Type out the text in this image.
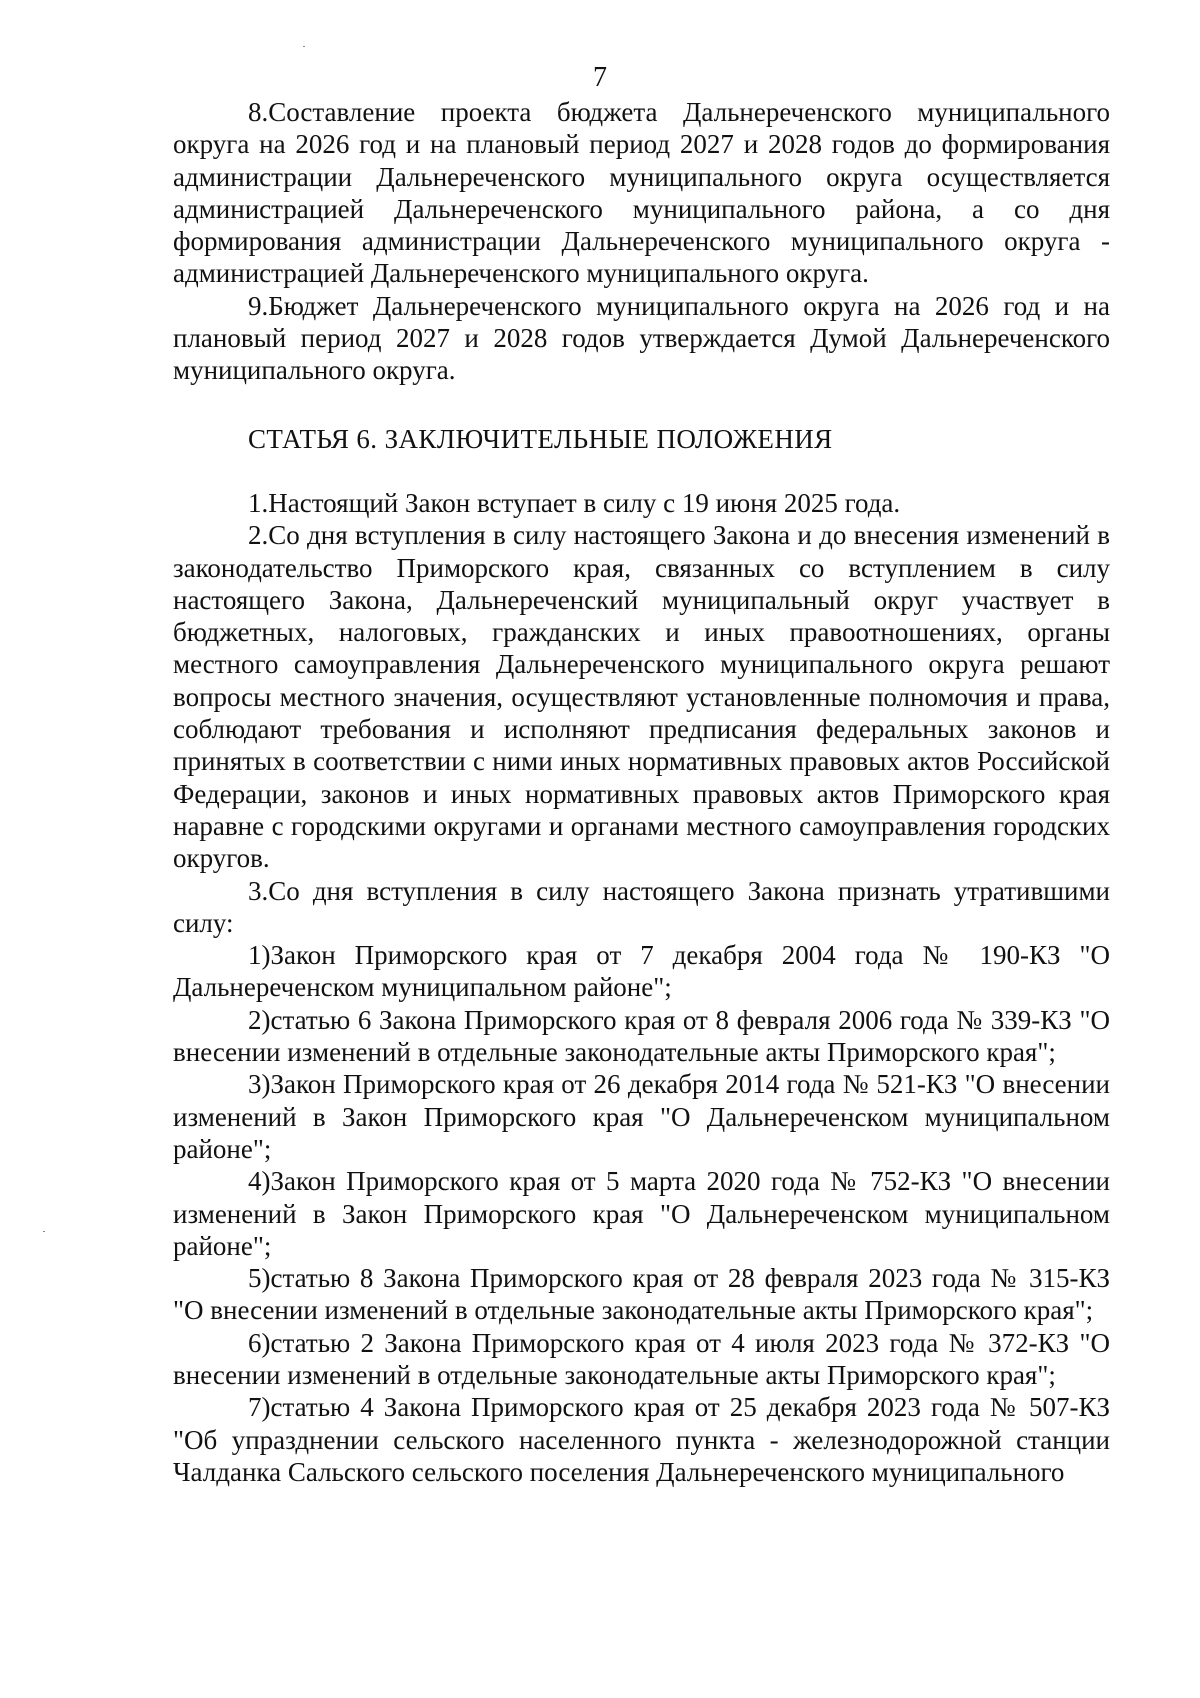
7

8.Составление проекта бюджета Дальнереченского муниципального округа на 2026 год и на плановый период 2027 и 2028 годов до формирования администрации Дальнереченского муниципального округа осуществляется администрацией Дальнереченского муниципального района, а со дня формирования администрации Дальнереченского муниципального округа - администрацией Дальнереченского муниципального округа.

9.Бюджет Дальнереченского муниципального округа на 2026 год и на плановый период 2027 и 2028 годов утверждается Думой Дальнереченского муниципального округа.

СТАТЬЯ 6. ЗАКЛЮЧИТЕЛЬНЫЕ ПОЛОЖЕНИЯ

1.Настоящий Закон вступает в силу с 19 июня 2025 года.

2.Со дня вступления в силу настоящего Закона и до внесения изменений в законодательство Приморского края, связанных со вступлением в силу настоящего Закона, Дальнереченский муниципальный округ участвует в бюджетных, налоговых, гражданских и иных правоотношениях, органы местного самоуправления Дальнереченского муниципального округа решают вопросы местного значения, осуществляют установленные полномочия и права, соблюдают требования и исполняют предписания федеральных законов и принятых в соответствии с ними иных нормативных правовых актов Российской Федерации, законов и иных нормативных правовых актов Приморского края наравне с городскими округами и органами местного самоуправления городских округов.

3.Со дня вступления в силу настоящего Закона признать утратившими силу:

1)Закон Приморского края от 7 декабря 2004 года № 190-КЗ "О Дальнереченском муниципальном районе";

2)статью 6 Закона Приморского края от 8 февраля 2006 года № 339-КЗ "О внесении изменений в отдельные законодательные акты Приморского края";

3)Закон Приморского края от 26 декабря 2014 года № 521-КЗ "О внесении изменений в Закон Приморского края "О Дальнереченском муниципальном районе";

4)Закон Приморского края от 5 марта 2020 года № 752-КЗ "О внесении изменений в Закон Приморского края "О Дальнереченском муниципальном районе";

5)статью 8 Закона Приморского края от 28 февраля 2023 года № 315-КЗ "О внесении изменений в отдельные законодательные акты Приморского края";

6)статью 2 Закона Приморского края от 4 июля 2023 года № 372-КЗ "О внесении изменений в отдельные законодательные акты Приморского края";

7)статью 4 Закона Приморского края от 25 декабря 2023 года № 507-КЗ "Об упразднении сельского населенного пункта - железнодорожной станции Чалданка Сальского сельского поселения Дальнереченского муниципального
